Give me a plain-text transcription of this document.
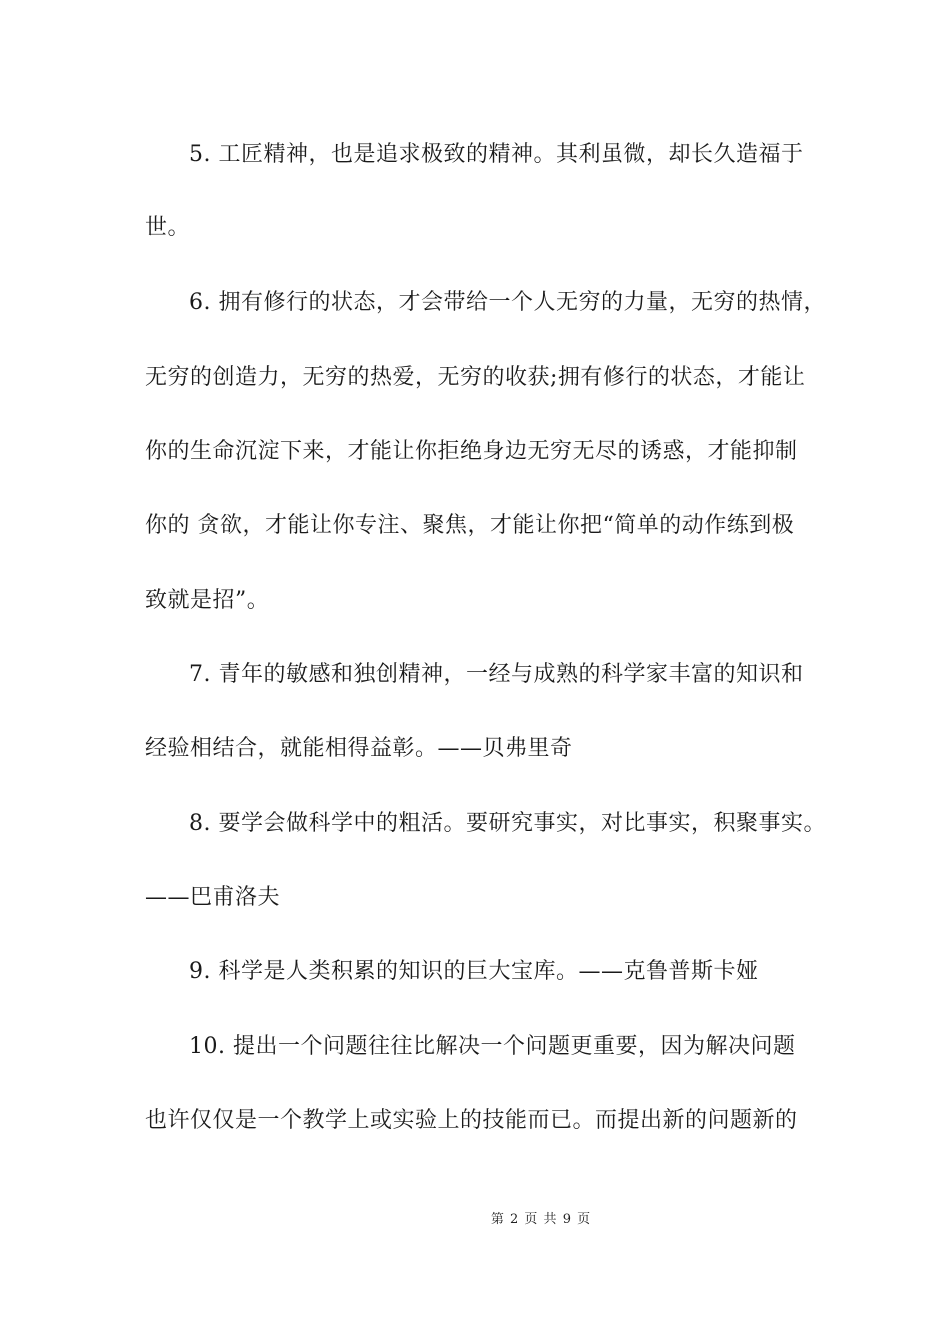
5. 工匠精神，也是追求极致的精神。其利虽微，却长久造福于
世。
6. 拥有修行的状态，才会带给一个人无穷的力量，无穷的热情，
无穷的创造力，无穷的热爱，无穷的收获;拥有修行的状态，才能让
你的生命沉淀下来，才能让你拒绝身边无穷无尽的诱惑，才能抑制
你的 贪欲，才能让你专注、聚焦，才能让你把“简单的动作练到极
致就是招”。
7. 青年的敏感和独创精神，一经与成熟的科学家丰富的知识和
经验相结合，就能相得益彰。——贝弗里奇
8. 要学会做科学中的粗活。要研究事实，对比事实，积聚事实。
——巴甫洛夫
9. 科学是人类积累的知识的巨大宝库。——克鲁普斯卡娅
10. 提出一个问题往往比解决一个问题更重要，因为解决问题
也许仅仅是一个教学上或实验上的技能而已。而提出新的问题新的
第 2 页 共 9 页
